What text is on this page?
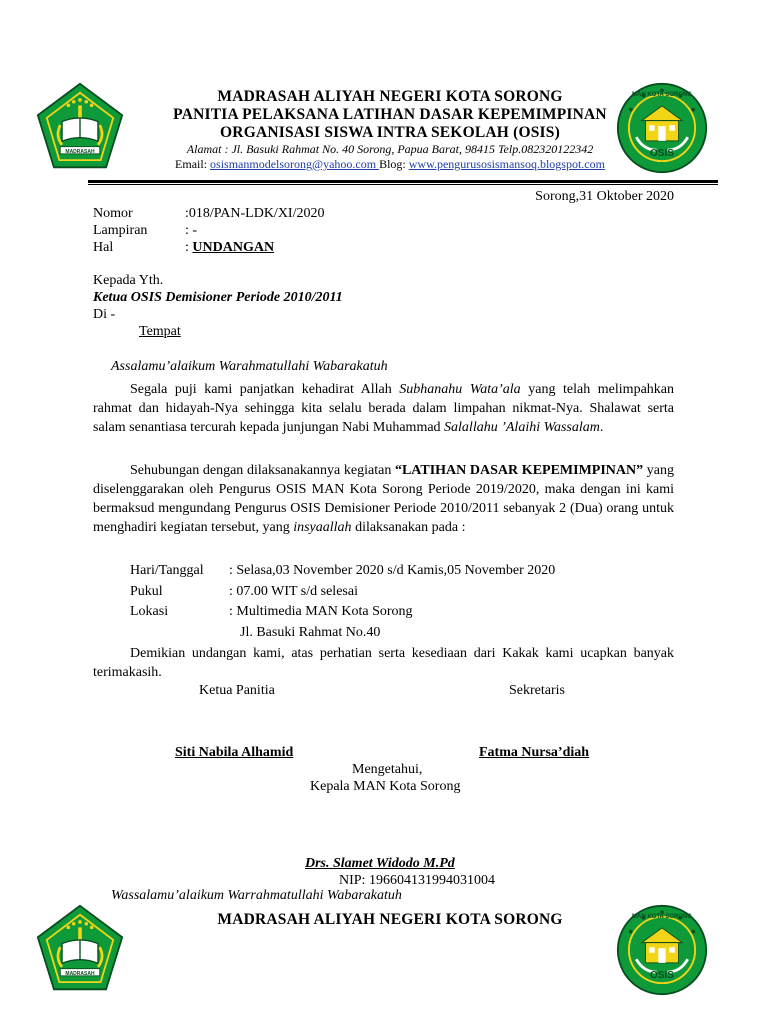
MADRASAH
MAN KOTA SORONG
OSIS
MADRASAH ALIYAH NEGERI KOTA SORONG
PANITIA PELAKSANA LATIHAN DASAR KEPEMIMPINAN
ORGANISASI SISWA INTRA SEKOLAH (OSIS)
Alamat : Jl. Basuki Rahmat No. 40 Sorong, Papua Barat, 98415 Telp.082320122342
Email: osismanmodelsorong@yahoo.com Blog: www.pengurusosismansoq.blogspot.com
Sorong,31 Oktober 2020
Nomor	:018/PAN-LDK/XI/2020
Lampiran	: -
Hal	: UNDANGAN
Kepada Yth.
Ketua OSIS Demisioner Periode 2010/2011
Di -
Tempat
Assalamu’alaikum Warahmatullahi Wabarakatuh
Segala puji kami panjatkan kehadirat Allah Subhanahu Wata’ala yang telah melimpahkan rahmat dan hidayah-Nya sehingga kita selalu berada dalam limpahan nikmat-Nya. Shalawat serta salam senantiasa tercurah kepada junjungan Nabi Muhammad Salallahu ’Alaihi Wassalam.
Sehubungan dengan dilaksanakannya kegiatan “LATIHAN DASAR KEPEMIMPINAN” yang diselenggarakan oleh Pengurus OSIS MAN Kota Sorong Periode 2019/2020, maka dengan ini kami bermaksud mengundang Pengurus OSIS Demisioner Periode 2010/2011 sebanyak 2 (Dua) orang untuk menghadiri kegiatan tersebut, yang insyaallah dilaksanakan pada :
Hari/Tanggal : Selasa,03 November 2020 s/d Kamis,05 November 2020
Pukul	: 07.00 WIT s/d selesai
Lokasi	: Multimedia MAN Kota Sorong
Jl. Basuki Rahmat No.40
Demikian undangan kami, atas perhatian serta kesediaan dari Kakak kami ucapkan banyak terimakasih.
Ketua Panitia	Sekretaris
Siti Nabila Alhamid	Fatma Nursa’diah
Mengetahui,
Kepala MAN Kota Sorong
Drs. Slamet Widodo M.Pd
NIP: 196604131994031004
Wassalamu’alaikum Warrahmatullahi Wabarakatuh
MADRASAH
MADRASAH ALIYAH NEGERI KOTA SORONG	MAN KOTA SORONG
OSIS
